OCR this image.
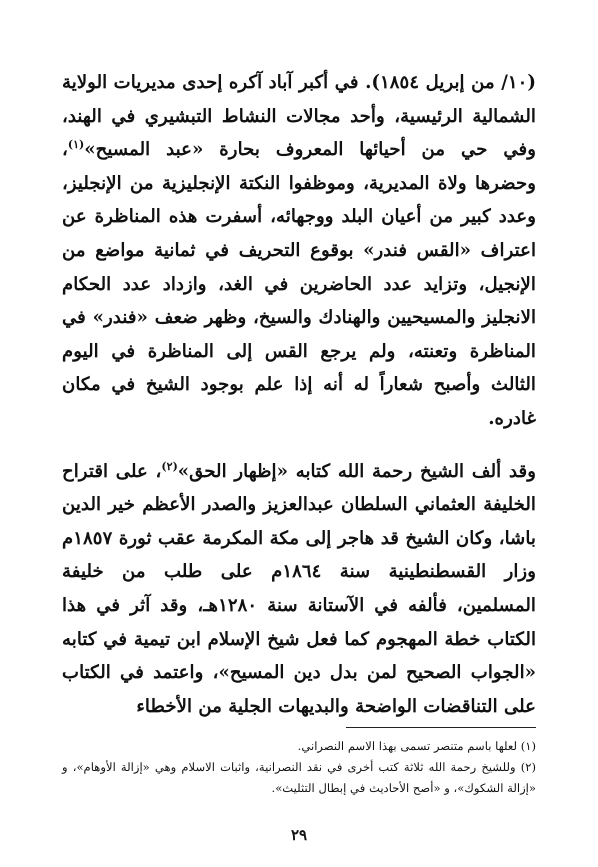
(١٠/ من إبريل ١٨٥٤). في أكبر آباد آكره إحدى مديريات الولاية الشمالية الرئيسية، وأحد مجالات النشاط التبشيري في الهند، وفي حي من أحيائها المعروف بحارة «عبد المسيح»$^{(١)}$، وحضرها ولاة المديرية، وموظفوا النكتة الإنجليزية من الإنجليز، وعدد كبير من أعيان البلد ووجهائه، أسفرت هذه المناظرة عن اعتراف «القس فندر» بوقوع التحريف في ثمانية مواضع من الإنجيل، وتزايد عدد الحاضرين في الغد، وازداد عدد الحكام الانجليز والمسيحيين والهنادك والسيخ، وظهر ضعف «فندر» في المناظرة وتعنته، ولم يرجع القس إلى المناظرة في اليوم الثالث وأصبح شعاراً له أنه إذا علم بوجود الشيخ في مكان غادره.

وقد ألف الشيخ رحمة الله كتابه «إظهار الحق»$^{(٢)}$، على اقتراح الخليفة العثماني السلطان عبدالعزيز والصدر الأعظم خير الدين باشا، وكان الشيخ قد هاجر إلى مكة المكرمة عقب ثورة ١٨٥٧م وزار القسطنطينية سنة ١٨٦٤م على طلب من خليفة المسلمين، فألفه في الآستانة سنة ١٢٨٠هـ، وقد آثر في هذا الكتاب خطة المهجوم كما فعل شيخ الإسلام ابن تيمية في كتابه «الجواب الصحيح لمن بدل دين المسيح»، واعتمد في الكتاب على التناقضات الواضحة والبديهات الجلية من الأخطاء

(١) لعلها باسم متنصر تسمى بهذا الاسم النصراني.

(٢) وللشيخ رحمة الله ثلاثة كتب أخرى في نقد النصرانية، واثبات الاسلام وهي «إزالة الأوهام»، و «إزالة الشكوك»، و «أصح الأحاديث في إبطال التثليث».

٢٩
